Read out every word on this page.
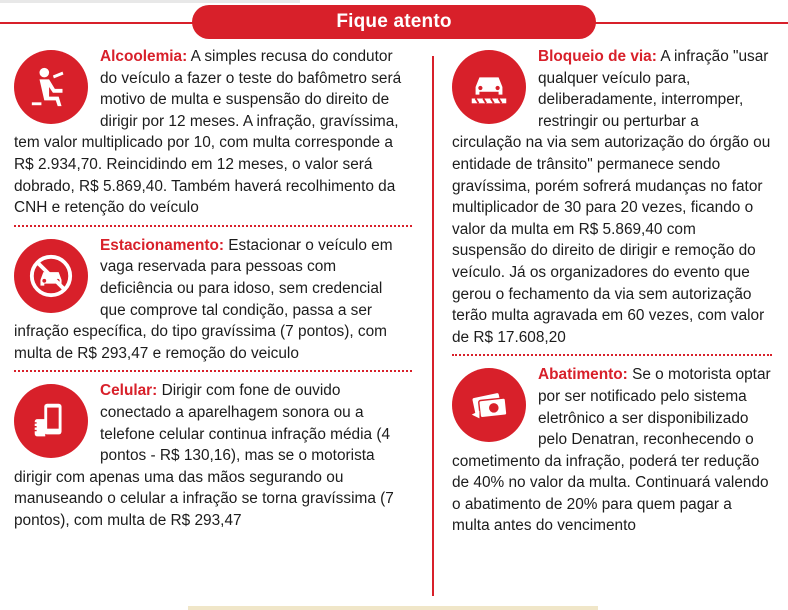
Fique atento
Alcoolemia: A simples recusa do condutor do veículo a fazer o teste do bafômetro será motivo de multa e suspensão do direito de dirigir por 12 meses. A infração, gravíssima, tem valor multiplicado por 10, com multa corresponde a R$ 2.934,70. Reincidindo em 12 meses, o valor será dobrado, R$ 5.869,40. Também haverá recolhimento da CNH e retenção do veículo
Estacionamento: Estacionar o veículo em vaga reservada para pessoas com deficiência ou para idoso, sem credencial que comprove tal condição, passa a ser infração específica, do tipo gravíssima (7 pontos), com multa de R$ 293,47 e remoção do veiculo
Celular: Dirigir com fone de ouvido conectado a aparelhagem sonora ou a telefone celular continua infração média (4 pontos - R$ 130,16), mas se o motorista dirigir com apenas uma das mãos segurando ou manuseando o celular a infração se torna gravíssima (7 pontos), com multa de R$ 293,47
Bloqueio de via: A infração "usar qualquer veículo para, deliberadamente, interromper, restringir ou perturbar a circulação na via sem autorização do órgão ou entidade de trânsito" permanece sendo gravíssima, porém sofrerá mudanças no fator multiplicador de 30 para 20 vezes, ficando o valor da multa em R$ 5.869,40 com suspensão do direito de dirigir e remoção do veículo. Já os organizadores do evento que gerou o fechamento da via sem autorização terão multa agravada em 60 vezes, com valor de R$ 17.608,20
Abatimento: Se o motorista optar por ser notificado pelo sistema eletrônico a ser disponibilizado pelo Denatran, reconhecendo o cometimento da infração, poderá ter redução de 40% no valor da multa. Continuará valendo o abatimento de 20% para quem pagar a multa antes do vencimento
